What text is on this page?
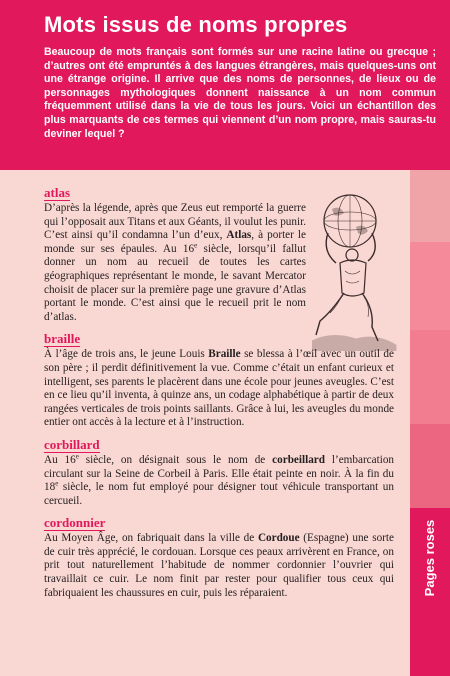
Mots issus de noms propres

Beaucoup de mots français sont formés sur une racine latine ou grecque ; d’autres ont été empruntés à des langues étrangères, mais quelques-uns ont une étrange origine. Il arrive que des noms de personnes, de lieux ou de personnages mythologiques donnent naissance à un nom commun fréquemment utilisé dans la vie de tous les jours. Voici un échantillon des plus marquants de ces termes qui viennent d’un nom propre, mais sauras-tu deviner lequel ?

atlas

D’après la légende, après que Zeus eut remporté la guerre qui l’opposait aux Titans et aux Géants, il voulut les punir. C’est ainsi qu’il condamna l’un d’eux, Atlas, à porter le monde sur ses épaules. Au 16e siècle, lorsqu’il fallut donner un nom au recueil de toutes les cartes géographiques représentant le monde, le savant Mercator choisit de placer sur la première page une gravure d’Atlas portant le monde. C’est ainsi que le recueil prit le nom d’atlas.

braille

À l’âge de trois ans, le jeune Louis Braille se blessa à l’œil avec un outil de son père ; il perdit définitivement la vue. Comme c’était un enfant curieux et intelligent, ses parents le placèrent dans une école pour jeunes aveugles. C’est en ce lieu qu’il inventa, à quinze ans, un codage alphabétique à partir de deux rangées verticales de trois points saillants. Grâce à lui, les aveugles du monde entier ont accès à la lecture et à l’instruction.

corbillard

Au 16e siècle, on désignait sous le nom de corbeillard l’embarcation circulant sur la Seine de Corbeil à Paris. Elle était peinte en noir. À la fin du 18e siècle, le nom fut employé pour désigner tout véhicule transportant un cercueil.

cordonnier

Au Moyen Âge, on fabriquait dans la ville de Cordoue (Espagne) une sorte de cuir très apprécié, le cordouan. Lorsque ces peaux arrivèrent en France, on prit tout naturellement l’habitude de nommer cordonnier l’ouvrier qui travaillait ce cuir. Le nom finit par rester pour qualifier tous ceux qui fabriquaient les chaussures en cuir, puis les réparaient.	Pages roses
